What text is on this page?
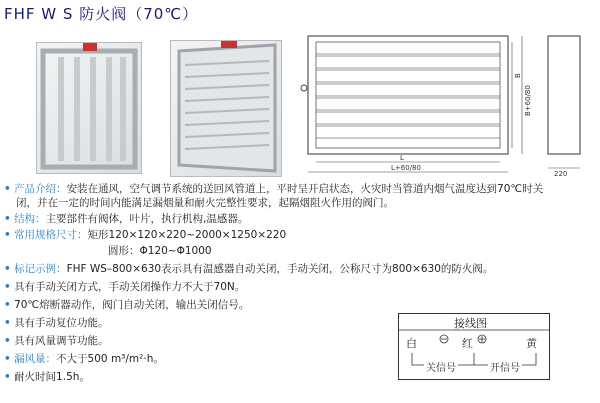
FHF W S 防火阀（70℃）
L
L+60/80
B
B+60/80
220
• 产品介绍：安装在通风，空气调节系统的送回风管道上，平时呈开启状态，火灾时当管道内烟气温度达到70℃时关
闭，并在一定的时间内能满足漏烟量和耐火完整性要求，起隔烟阻火作用的阀门。
• 结构：主要部件有阀体，叶片，执行机构,温感器。
• 常用规格尺寸：矩形120×120×220~2000×1250×220
圆形：Φ120~Φ1000
• 标记示例：FHF WS–800×630表示具有温感器自动关闭，手动关闭，公称尺寸为800×630的防火阀。
• 具有手动关闭方式，手动关闭操作力不大于70N。
• 70℃熔断器动作，阀门自动关闭，输出关闭信号。
• 具有手动复位功能。
• 具有风量调节功能。
• 漏风量：不大于500 m³/m²·h。
• 耐火时间1.5h。
接线图
白	红	黄
关信号	开信号
